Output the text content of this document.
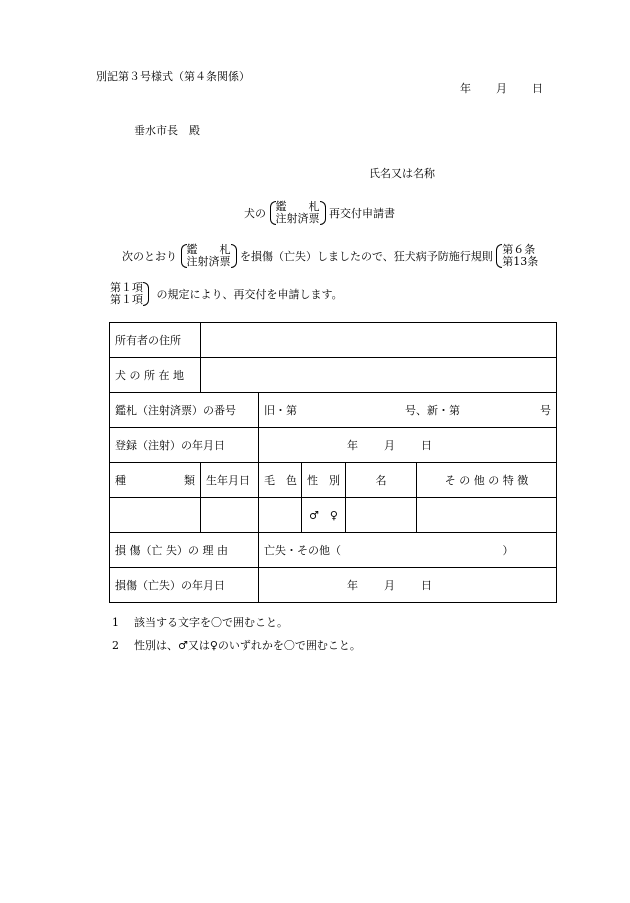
別記第３号様式（第４条関係）
年 月 日
垂水市長　殿
氏名又は名称
犬の
鑑 札
注射済票 再交付申請書
次のとおり
鑑 札
注射済票 を損傷（亡失）しましたので、狂犬病予防施行規則
第６条
第13条
第１項
第１項 の規定により、再交付を申請します。
所有者の住所					

犬 の 所 在 地					
鑑札（注射済票）の番号		旧・第 号、新・第 号			

登録（注射）の年月日		年 月 日			

種 類	生年月日	毛　色	性　別	名	そ の 他 の 特 徴
			♂　♀		
損 傷（亡 失）の 理 由		亡失・その他（ ）			
損傷（亡失）の年月日		年 月 日			
1 該当する文字を〇で囲むこと。
2 性別は、♂又は♀のいずれかを〇で囲むこと。
